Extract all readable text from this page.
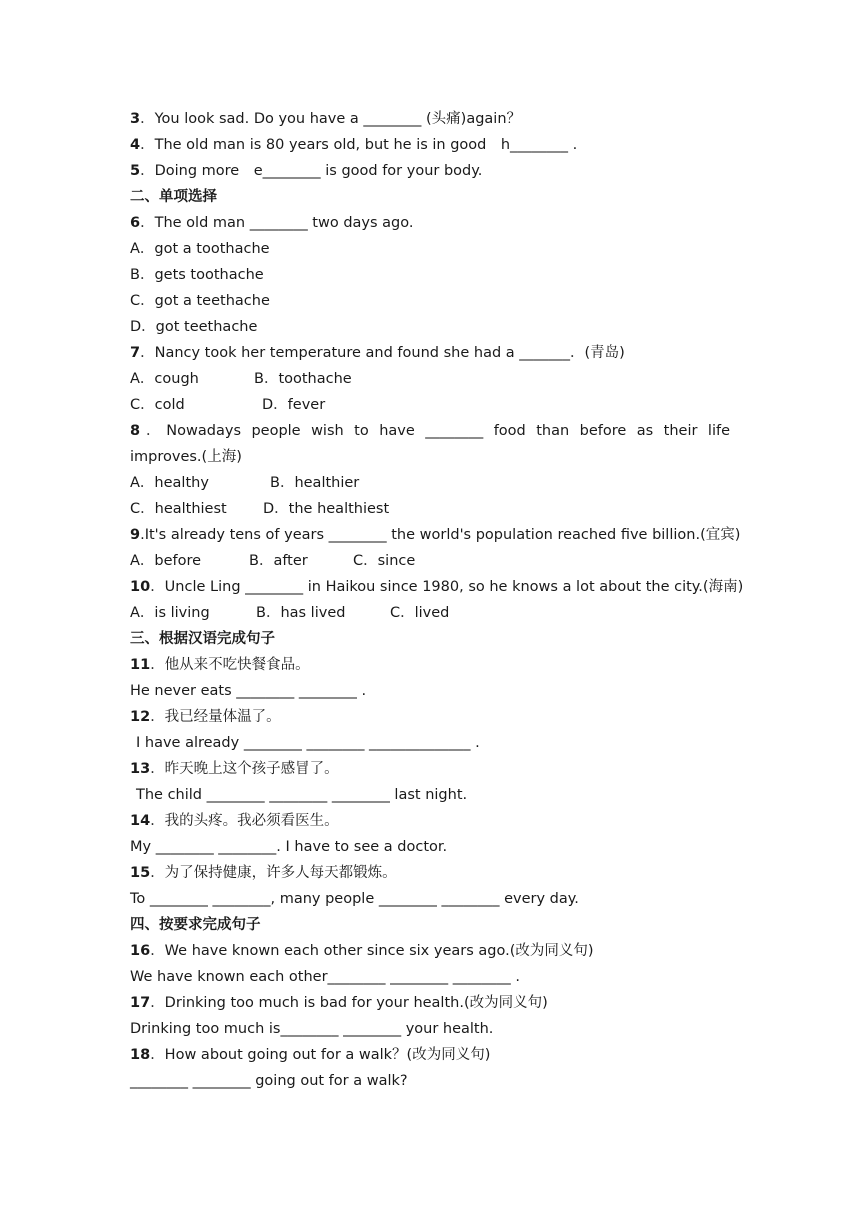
3．You look sad. Do you have a ________ (头痛)again？
4．The old man is 80 years old, but he is in good　h________ .
5．Doing more　e________ is good for your body.
二、单项选择
6．The old man ________ two days ago.
A．got a toothache
B．gets toothache
C．got a teethache
D．got teethache
7．Nancy took her temperature and found she had a _______．(青岛)
A．cough	B．toothache
C．cold	D．fever
8．Nowadays people wish to have ________ food than before as their life improves.(上海)
A．healthy	B．healthier
C．healthiest	D．the healthiest
9.It's already tens of years ________ the world's population reached five billion.(宜宾)
A．before	B．after	C．since
10．Uncle Ling ________ in Haikou since 1980, so he knows a lot about the city.(海南)
A．is living	B．has lived	C．lived
三、根据汉语完成句子
11．他从来不吃快餐食品。
He never eats ________ ________ .
12．我已经量体温了。
I have already ________ ________ ______________ .
13．昨天晚上这个孩子感冒了。
The child ________ ________ ________ last night.
14．我的头疼。我必须看医生。
My ________ ________. I have to see a doctor.
15．为了保持健康，许多人每天都锻炼。
To ________ ________, many people ________ ________ every day.
四、按要求完成句子
16．We have known each other since six years ago.(改为同义句)
We have known each other________ ________ ________ .
17．Drinking too much is bad for your health.(改为同义句)
Drinking too much is________ ________ your health.
18．How about going out for a walk？(改为同义句)
________ ________ going out for a walk?
